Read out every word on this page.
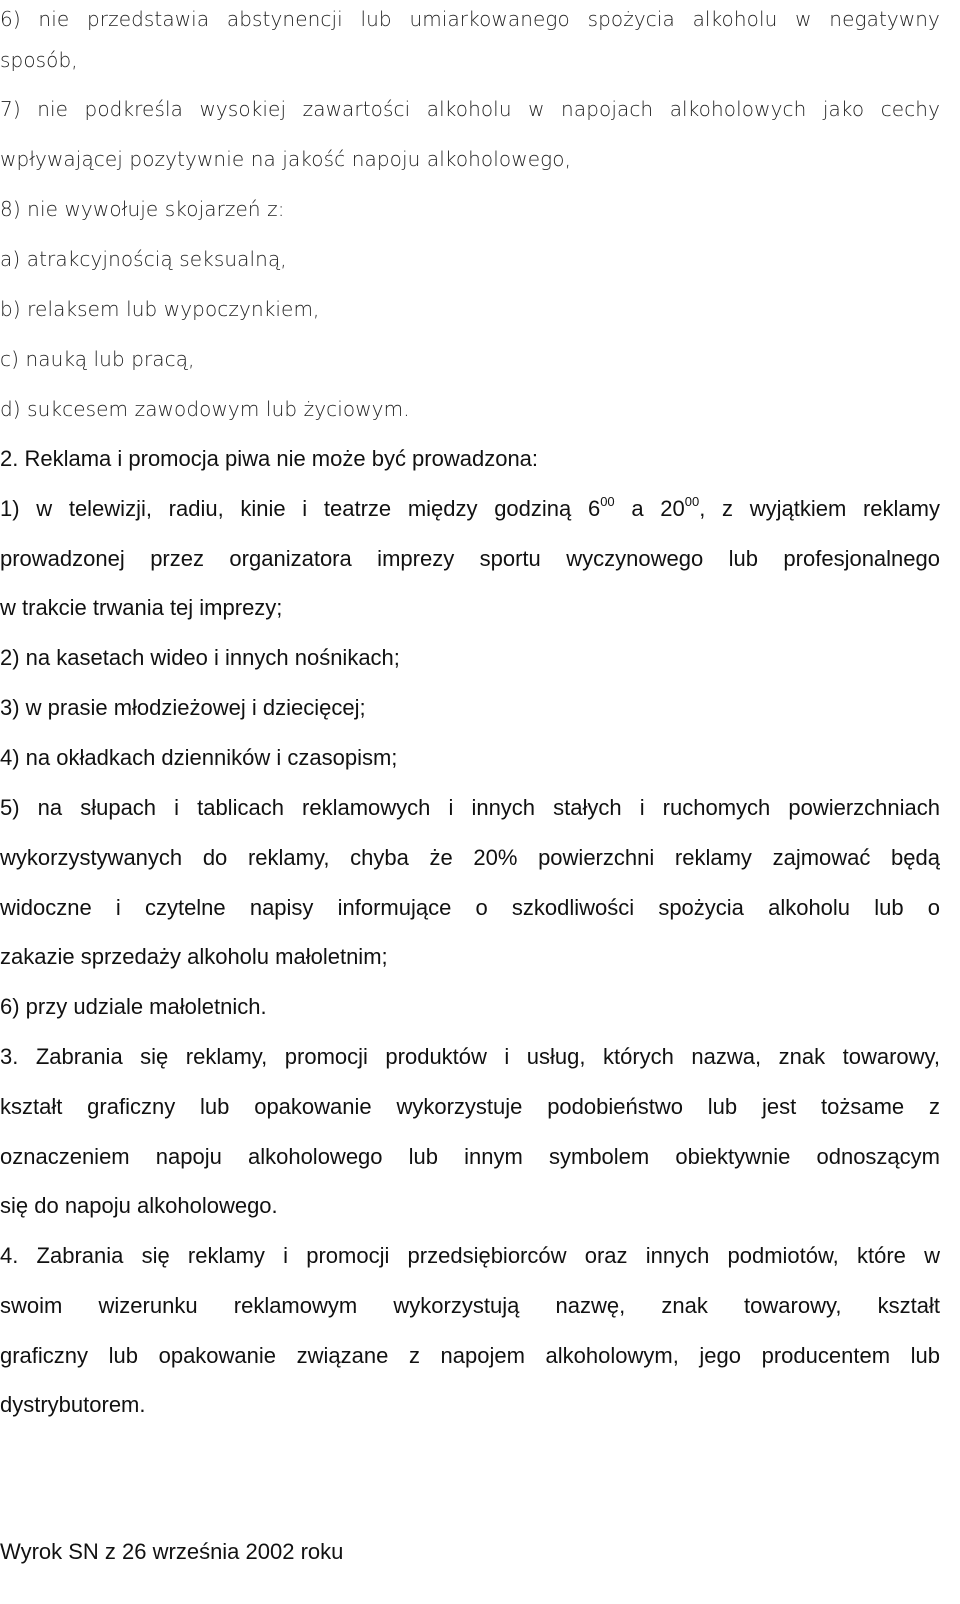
6) nie przedstawia abstynencji lub umiarkowanego spożycia alkoholu w negatywny
sposób,
7) nie podkreśla wysokiej zawartości alkoholu w napojach alkoholowych jako cechy
wpływającej pozytywnie na jakość napoju alkoholowego,
8) nie wywołuje skojarzeń z:
a) atrakcyjnością seksualną,
b) relaksem lub wypoczynkiem,
c) nauką lub pracą,
d) sukcesem zawodowym lub życiowym.
2. Reklama i promocja piwa nie może być prowadzona:
1) w telewizji, radiu, kinie i teatrze między godziną $6^{00}$ a $20^{00}$, z wyjątkiem reklamy
prowadzonej przez organizatora imprezy sportu wyczynowego lub profesjonalnego
w trakcie trwania tej imprezy;
2) na kasetach wideo i innych nośnikach;
3) w prasie młodzieżowej i dziecięcej;
4) na okładkach dzienników i czasopism;
5) na słupach i tablicach reklamowych i innych stałych i ruchomych powierzchniach
wykorzystywanych do reklamy, chyba że 20% powierzchni reklamy zajmować będą
widoczne i czytelne napisy informujące o szkodliwości spożycia alkoholu lub o
zakazie sprzedaży alkoholu małoletnim;
6) przy udziale małoletnich.
3. Zabrania się reklamy, promocji produktów i usług, których nazwa, znak towarowy,
kształt graficzny lub opakowanie wykorzystuje podobieństwo lub jest tożsame z
oznaczeniem napoju alkoholowego lub innym symbolem obiektywnie odnoszącym
się do napoju alkoholowego.
4. Zabrania się reklamy i promocji przedsiębiorców oraz innych podmiotów, które w
swoim wizerunku reklamowym wykorzystują nazwę, znak towarowy, kształt
graficzny lub opakowanie związane z napojem alkoholowym, jego producentem lub
dystrybutorem.
Wyrok SN z 26 września 2002 roku
